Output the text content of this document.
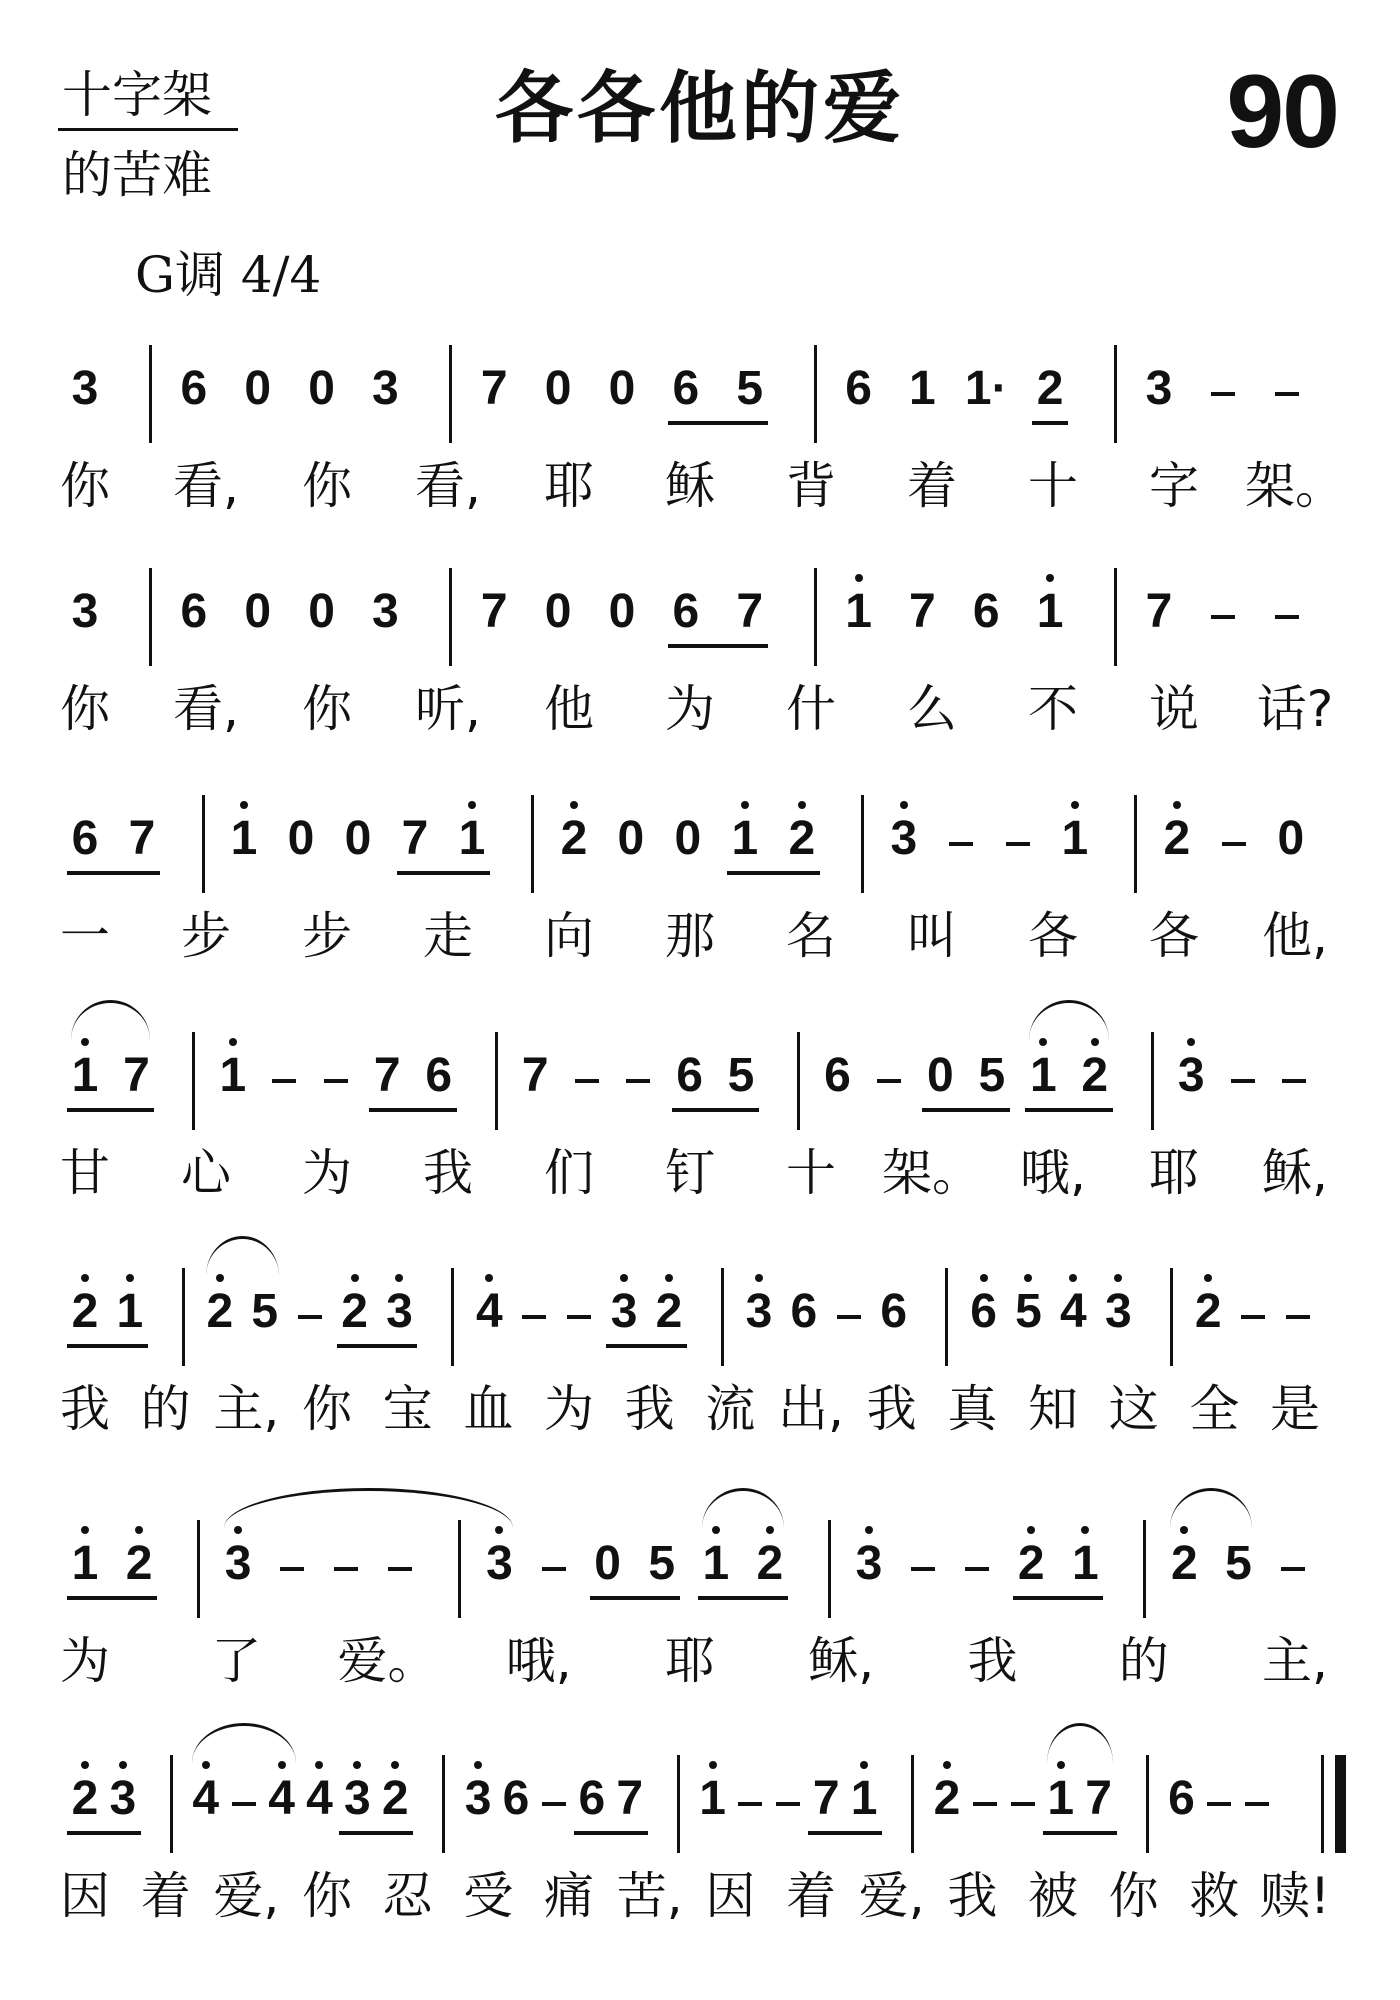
十字架
的苦难
各各他的爱	90
G调 4/4
3 6 0 0 3 7 0 0 6 5 6 1 1· 2 3
你 看, 你 看, 耶 稣 背 着 十 字 架。
3 6 0 0 3 7 0 0 6 7 1 7 6 1 7
你 看, 你 听, 他 为 什 么 不 说 话?
6 7 1 0 0 7 1 2 0 0 1 2 3	1 2 0
一 步 步 走 向 那 名 叫 各 各 他,
1 7 1	7 6 7	6 5 6 0 5 1 2 3
甘 心 为 我 们 钉 十 架。 哦, 耶 稣,
2 1 2 5 2 3 4 3 2 3 6 6 6 5 4 3 2
我 的 主, 你 宝 血 为 我 流 出, 我 真 知 这 全 是
1 2 3	3 0 5 1 2 3	2 1 2 5
为 了 爱。 哦, 耶 稣, 我 的 主,
2 3 4 4 4 3 2 3 6 6 7 1 7 1 2 1 7 6
因 着 爱, 你 忍 受 痛 苦, 因 着 爱, 我 被 你 救 赎!
